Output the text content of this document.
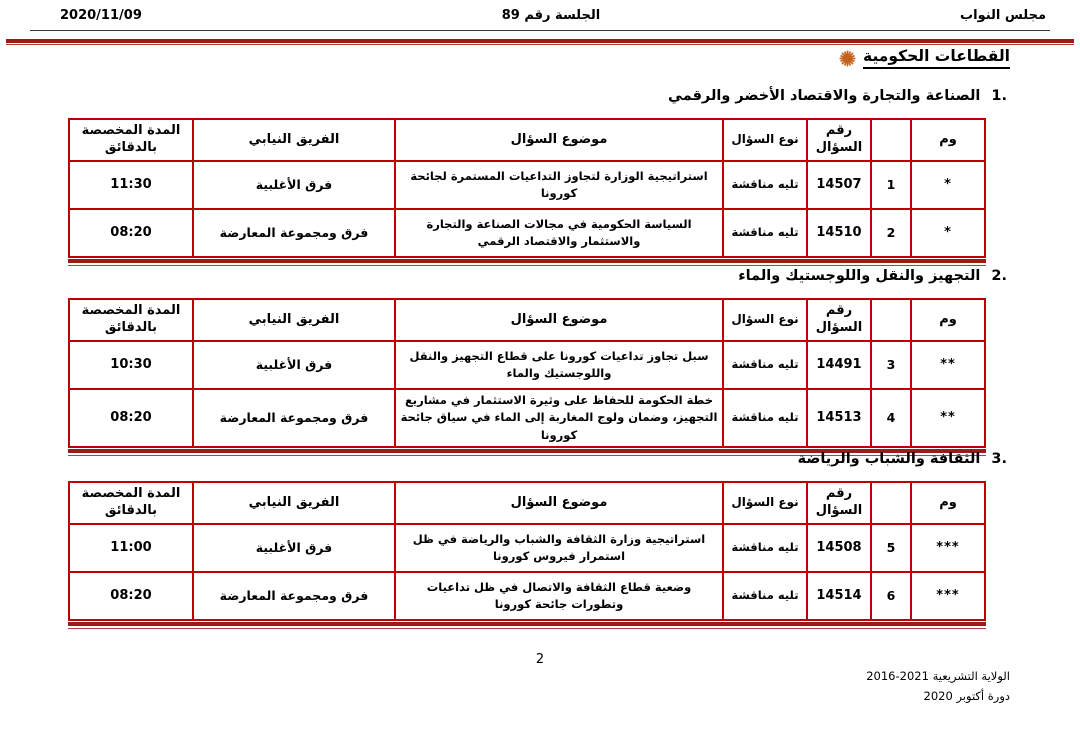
2020/11/09	الجلسة رقم 89	مجلس النواب
القطاعات الحكومية
1.
الصناعة والتجارة والاقتصاد الأخضر والرقمي
وم		رقم السؤال	نوع السؤال	موضوع السؤال	الفريق النيابي	المدة المخصصة بالدقائق
*	1	14507	تليه مناقشة	استراتيجية الوزارة لتجاوز التداعيات المستمرة لجائحة كورونا	فرق الأغلبية	11:30
*	2	14510	تليه مناقشة	السياسة الحكومية في مجالات الصناعة والتجارة والاستثمار والاقتصاد الرقمي	فرق ومجموعة المعارضة	08:20
2.
التجهيز والنقل واللوجستيك والماء
وم		رقم السؤال	نوع السؤال	موضوع السؤال	الفريق النيابي	المدة المخصصة بالدقائق
**	3	14491	تليه مناقشة	سبل تجاوز تداعيات كورونا على قطاع التجهيز والنقل واللوجستيك والماء	فرق الأغلبية	10:30
**	4	14513	تليه مناقشة	خطة الحكومة للحفاظ على وثيرة الاستثمار في مشاريع التجهيز، وضمان ولوج المغاربة إلى الماء في سياق جائحة كورونا	فرق ومجموعة المعارضة	08:20
3.
الثقافة والشباب والرياضة
وم		رقم السؤال	نوع السؤال	موضوع السؤال	الفريق النيابي	المدة المخصصة بالدقائق
***	5	14508	تليه مناقشة	استراتيجية وزارة الثقافة والشباب والرياضة في ظل استمرار فيروس كورونا	فرق الأغلبية	11:00
***	6	14514	تليه مناقشة	وضعية قطاع الثقافة والاتصال في ظل تداعيات وتطورات جائحة كورونا	فرق ومجموعة المعارضة	08:20
2
الولاية التشريعية 2021-2016
دورة أكتوبر 2020
